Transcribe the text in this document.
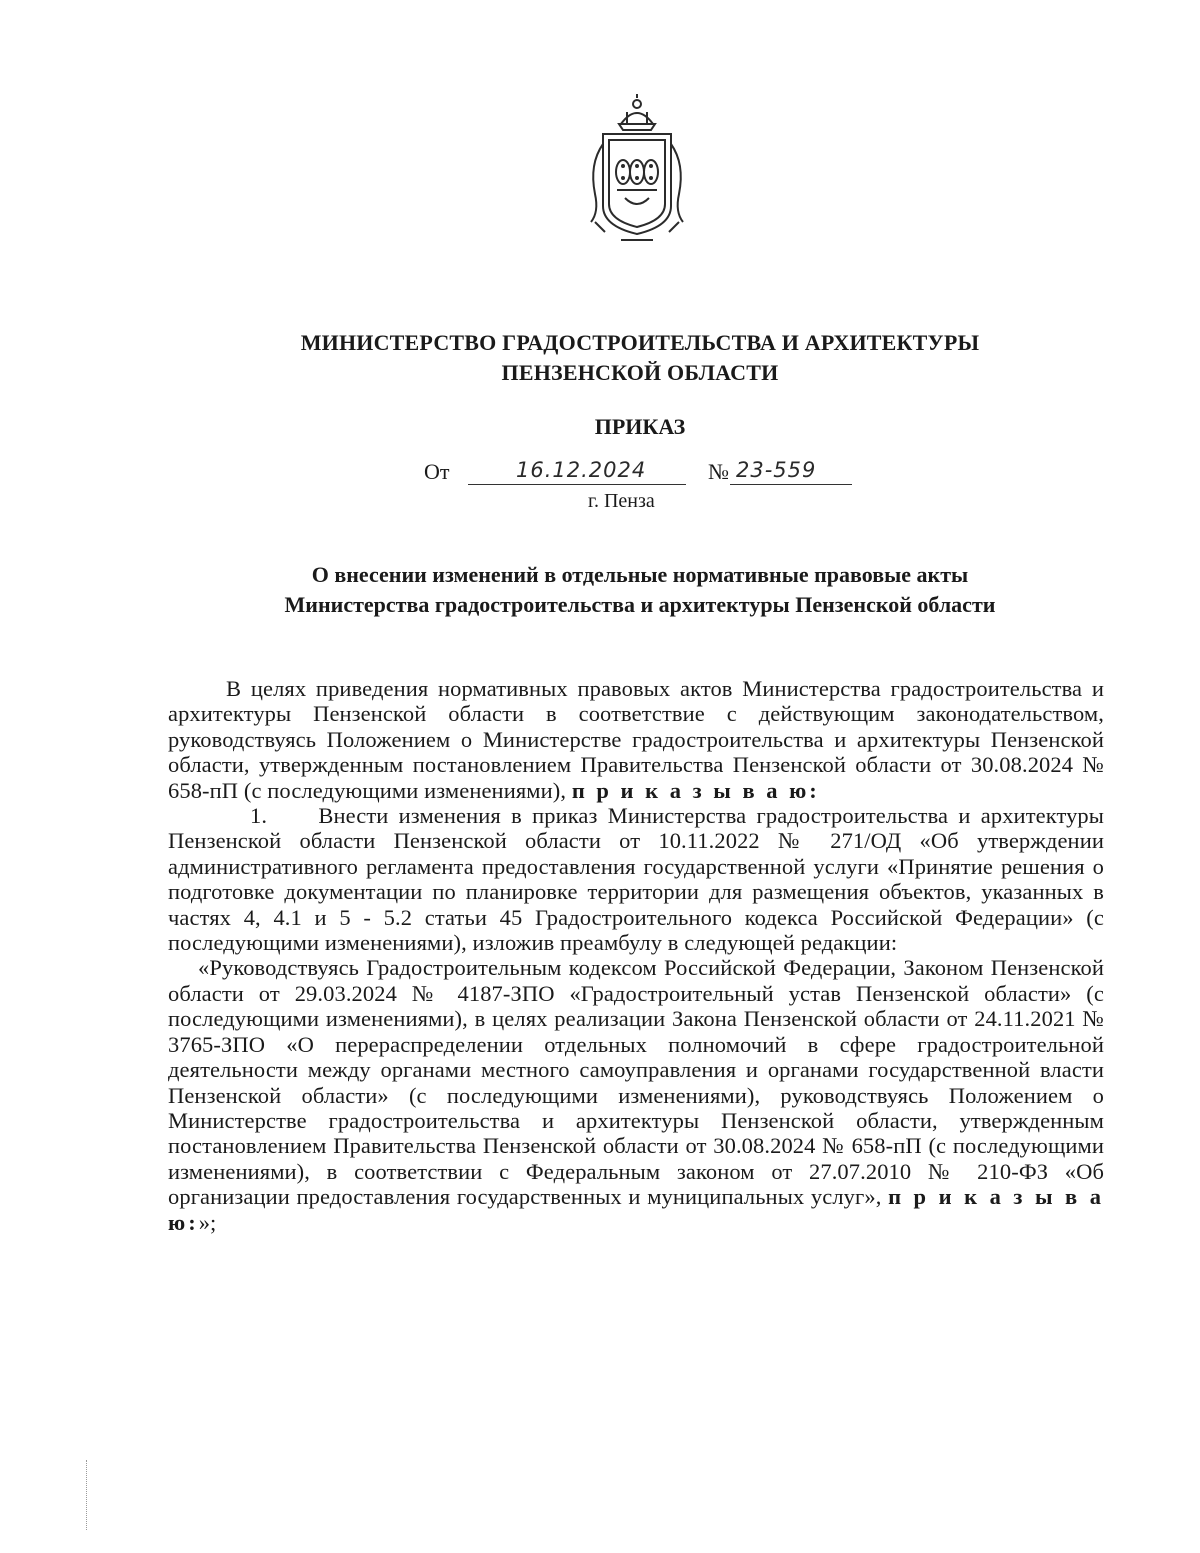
МИНИСТЕРСТВО ГРАДОСТРОИТЕЛЬСТВА И АРХИТЕКТУРЫ
ПЕНЗЕНСКОЙ ОБЛАСТИ
ПРИКАЗ
От	16.12.2024	№ 23-559
г. Пенза
О внесении изменений в отдельные нормативные правовые акты
Министерства градостроительства и архитектуры Пензенской области

В целях приведения нормативных правовых актов Министерства градостроительства и архитектуры Пензенской области в соответствие с действующим законодательством, руководствуясь Положением о Министерстве градостроительства и архитектуры Пензенской области, утвержденным постановлением Правительства Пензенской области от 30.08.2024 № 658-пП (с последующими изменениями), п р и к а з ы в а ю:

1.     Внести изменения в приказ Министерства градостроительства и архитектуры Пензенской области Пензенской области от 10.11.2022 № 271/ОД «Об утверждении административного регламента предоставления государственной услуги «Принятие решения о подготовке документации по планировке территории для размещения объектов, указанных в частях 4, 4.1 и 5 - 5.2 статьи 45 Градостроительного кодекса Российской Федерации» (с последующими изменениями), изложив преамбулу в следующей редакции:

«Руководствуясь Градостроительным кодексом Российской Федерации, Законом Пензенской области от 29.03.2024 № 4187-ЗПО «Градостроительный устав Пензенской области» (с последующими изменениями), в целях реализации Закона Пензенской области от 24.11.2021 № 3765-ЗПО «О перераспределении отдельных полномочий в сфере градостроительной деятельности между органами местного самоуправления и органами государственной власти Пензенской области» (с последующими изменениями), руководствуясь Положением о Министерстве градостроительства и архитектуры Пензенской области, утвержденным постановлением Правительства Пензенской области от 30.08.2024 № 658-пП (с последующими изменениями), в соответствии с Федеральным законом от 27.07.2010 № 210-ФЗ «Об организации предоставления государственных и муниципальных услуг», п р и к а з ы в а ю:»;
